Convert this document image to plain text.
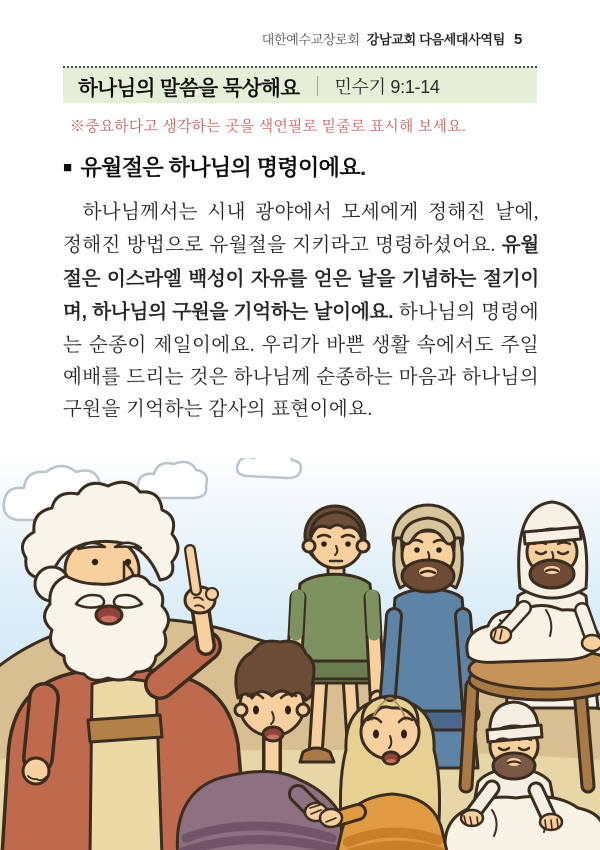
대한예수교장로회 강남교회 다음세대사역팀 5
하나님의 말씀을 묵상해요 민수기 9:1-14
※중요하다고 생각하는 곳을 색연필로 밑줄로 표시해 보세요.
■ 유월절은 하나님의 명령이에요.
하나님께서는 시내 광야에서 모세에게 정해진 날에, 정해진 방법으로 유월절을 지키라고 명령하셨어요. 유월절은 이스라엘 백성이 자유를 얻은 날을 기념하는 절기이며, 하나님의 구원을 기억하는 날이에요. 하나님의 명령에는 순종이 제일이에요. 우리가 바쁜 생활 속에서도 주일예배를 드리는 것은 하나님께 순종하는 마음과 하나님의 구원을 기억하는 감사의 표현이에요.
